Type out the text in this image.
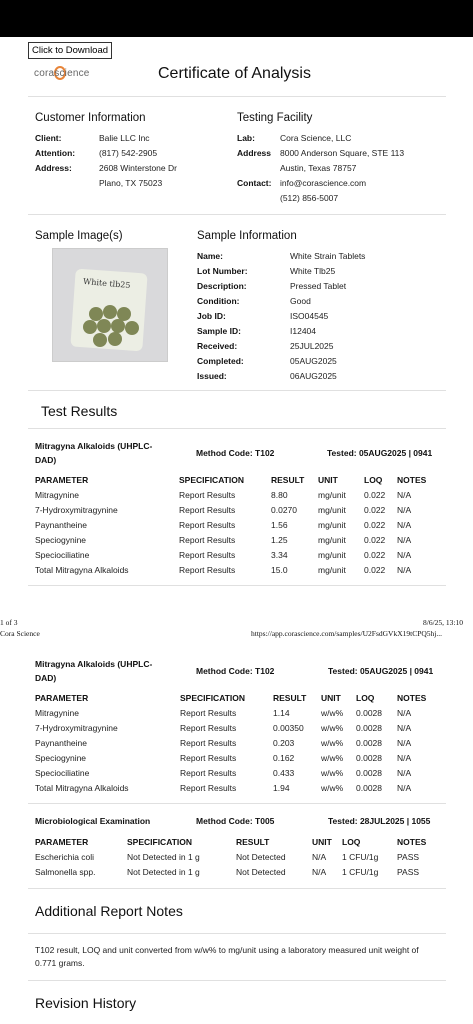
Click to Download
corascience	Certificate of Analysis
Customer Information
Client:	Balie LLC Inc
Attention:	(817) 542-2905
Address:	2608 Winterstone Dr
Plano, TX 75023
Testing Facility
Lab:	Cora Science, LLC
Address 8000 Anderson Square, STE 113
Austin, Texas 78757
Contact: info@corascience.com
(512) 856-5007
Sample Image(s)
White tlb25
Sample Information
Name:	White Strain Tablets
Lot Number:	White Tlb25
Description:	Pressed Tablet
Condition:	Good
Job ID:	ISO04545
Sample ID:	I12404
Received:	25JUL2025
Completed:	05AUG2025
Issued:	06AUG2025
Test Results
Mitragyna Alkaloids (UHPLC-
DAD)
Method Code: T102	Tested: 05AUG2025 | 0941
PARAMETER	SPECIFICATION	RESULT UNIT	LOQ NOTES
Mitragynine	Report Results	8.80	mg/unit 0.022 N/A
7-Hydroxymitragynine	Report Results	0.0270 mg/unit 0.022 N/A
Paynantheine	Report Results	1.56	mg/unit 0.022 N/A
Speciogynine	Report Results	1.25	mg/unit 0.022 N/A
Speciociliatine	Report Results	3.34	mg/unit 0.022 N/A
Total Mitragyna Alkaloids	Report Results	15.0	mg/unit 0.022 N/A
1 of 3	8/6/25, 13:10
Cora Science	https://app.corascience.com/samples/U2FsdGVkX19tCPQ5hj...
Mitragyna Alkaloids (UHPLC-
DAD)
Method Code: T102	Tested: 05AUG2025 | 0941
PARAMETER	SPECIFICATION	RESULT UNIT LOQ	NOTES
Mitragynine	Report Results	1.14	w/w% 0.0028 N/A
7-Hydroxymitragynine	Report Results	0.00350 w/w% 0.0028 N/A
Paynantheine	Report Results	0.203	w/w% 0.0028 N/A
Speciogynine	Report Results	0.162	w/w% 0.0028 N/A
Speciociliatine	Report Results	0.433	w/w% 0.0028 N/A
Total Mitragyna Alkaloids	Report Results	1.94	w/w% 0.0028 N/A
Microbiological Examination	Method Code: T005	Tested: 28JUL2025 | 1055
PARAMETER	SPECIFICATION	RESULT	UNIT LOQ	NOTES
Escherichia coli	Not Detected in 1 g	Not Detected	N/A 1 CFU/1g PASS
Salmonella spp.	Not Detected in 1 g	Not Detected	N/A 1 CFU/1g PASS
Additional Report Notes
T102 result, LOQ and unit converted from w/w% to mg/unit using a laboratory measured unit weight of 0.771 grams.
Revision History
